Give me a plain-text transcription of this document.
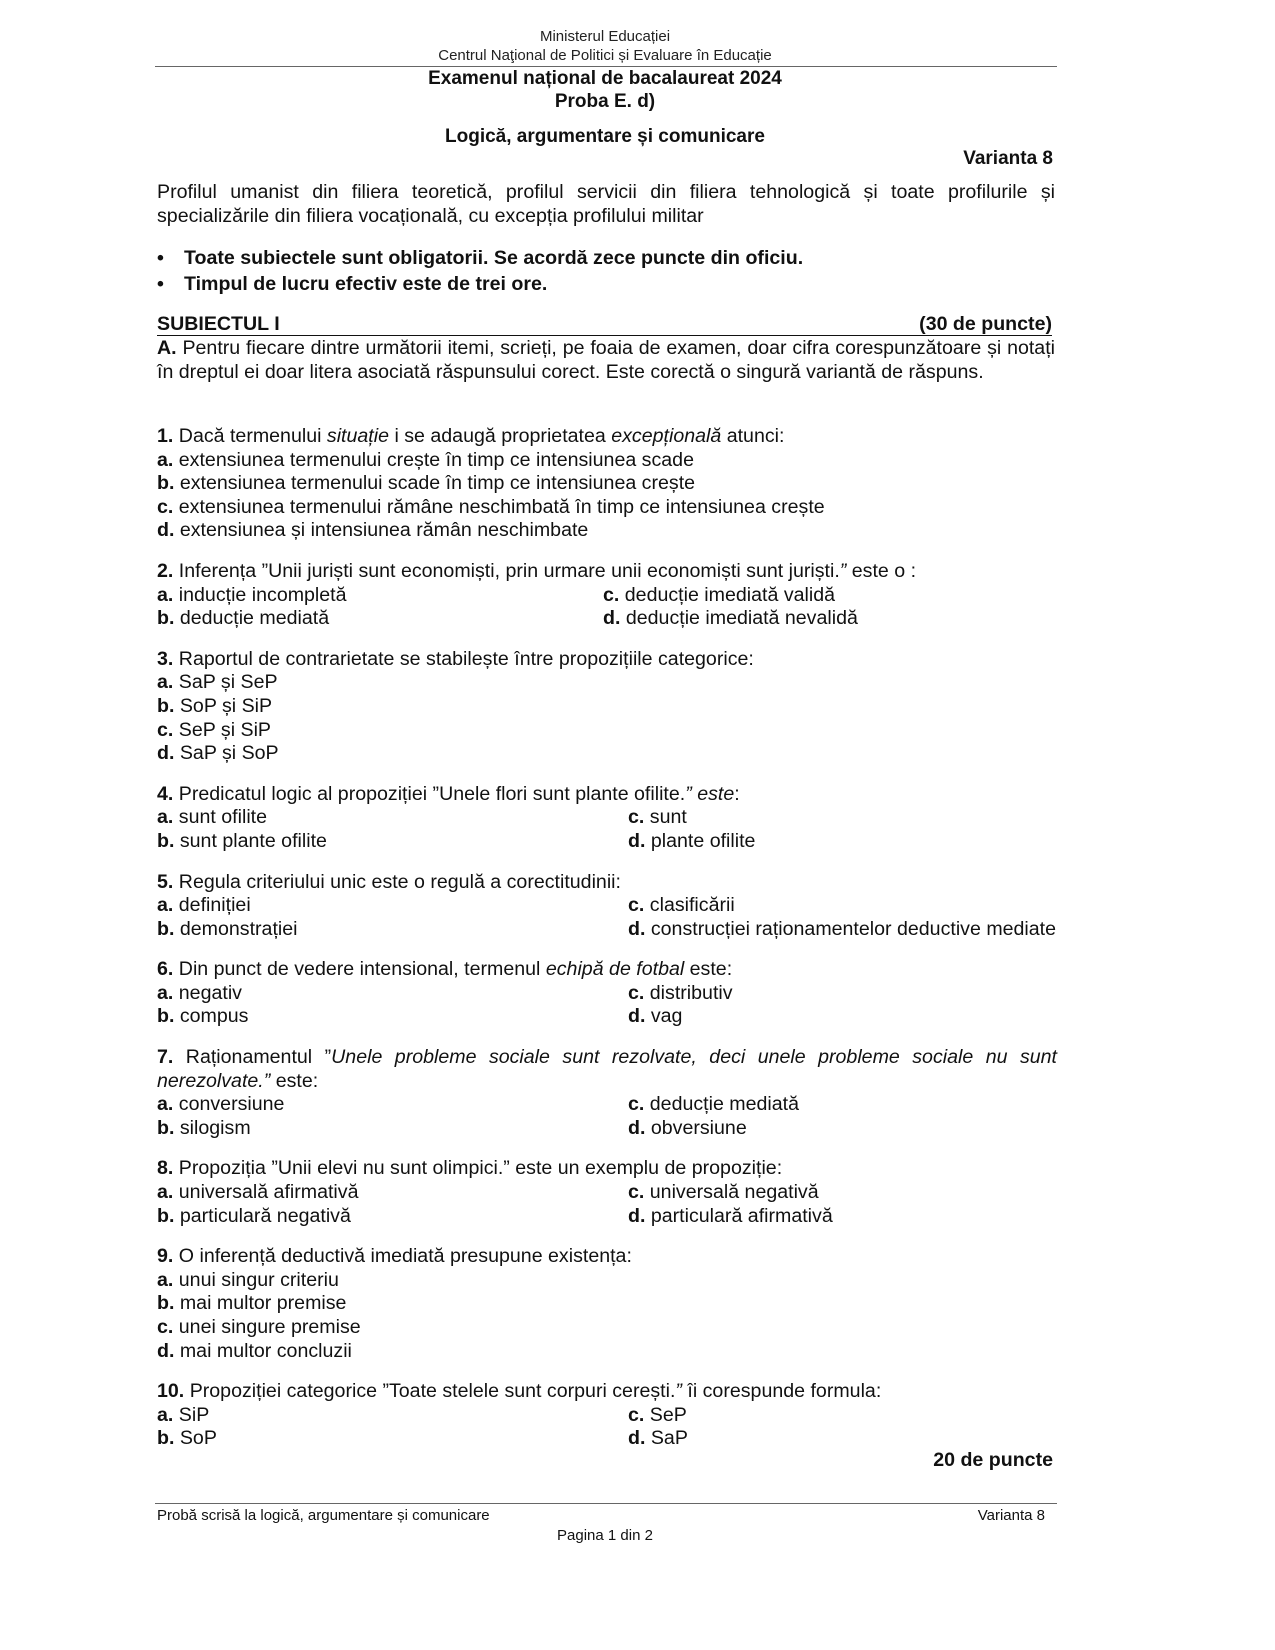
Ministerul Educației
Centrul Naţional de Politici și Evaluare în Educație
Examenul național de bacalaureat 2024
Proba E. d)
Logică, argumentare și comunicare
Varianta 8
Profilul umanist din filiera teoretică, profilul servicii din filiera tehnologică și toate profilurile și specializările din filiera vocațională, cu excepția profilului militar
• Toate subiectele sunt obligatorii. Se acordă zece puncte din oficiu.
• Timpul de lucru efectiv este de trei ore.
SUBIECTUL I	(30 de puncte)
A. Pentru fiecare dintre următorii itemi, scrieți, pe foaia de examen, doar cifra corespunzătoare și notați în dreptul ei doar litera asociată răspunsului corect. Este corectă o singură variantă de răspuns.
1. Dacă termenului situație i se adaugă proprietatea excepțională atunci:
a. extensiunea termenului crește în timp ce intensiunea scade
b. extensiunea termenului scade în timp ce intensiunea crește
c. extensiunea termenului rămâne neschimbată în timp ce intensiunea crește
d. extensiunea și intensiunea rămân neschimbate
2. Inferența ”Unii juriști sunt economiști, prin urmare unii economiști sunt juriști.” este o :
a. inducție incompletă	c. deducție imediată validă
b. deducție mediată	d. deducție imediată nevalidă
3. Raportul de contrarietate se stabilește între propozițiile categorice:
a. SaP și SeP
b. SoP și SiP
c. SeP și SiP
d. SaP și SoP
4. Predicatul logic al propoziției ”Unele flori sunt plante ofilite.” este:
a. sunt ofilite	c. sunt
b. sunt plante ofilite	d. plante ofilite
5. Regula criteriului unic este o regulă a corectitudinii:
a. definiției	c. clasificării
b. demonstrației	d. construcției raționamentelor deductive mediate
6. Din punct de vedere intensional, termenul echipă de fotbal este:
a. negativ	c. distributiv
b. compus	d. vag
7. Raționamentul ”Unele probleme sociale sunt rezolvate, deci unele probleme sociale nu sunt nerezolvate.” este:
a. conversiune	c. deducție mediată
b. silogism	d. obversiune
8. Propoziția ”Unii elevi nu sunt olimpici.” este un exemplu de propoziție:
a. universală afirmativă	c. universală negativă
b. particulară negativă	d. particulară afirmativă
9. O inferență deductivă imediată presupune existența:
a. unui singur criteriu
b. mai multor premise
c. unei singure premise
d. mai multor concluzii
10. Propoziției categorice ”Toate stelele sunt corpuri cerești.” îi corespunde formula:
a. SiP	c. SeP
b. SoP	d. SaP
20 de puncte
Probă scrisă la logică, argumentare și comunicare	Varianta 8
Pagina 1 din 2
